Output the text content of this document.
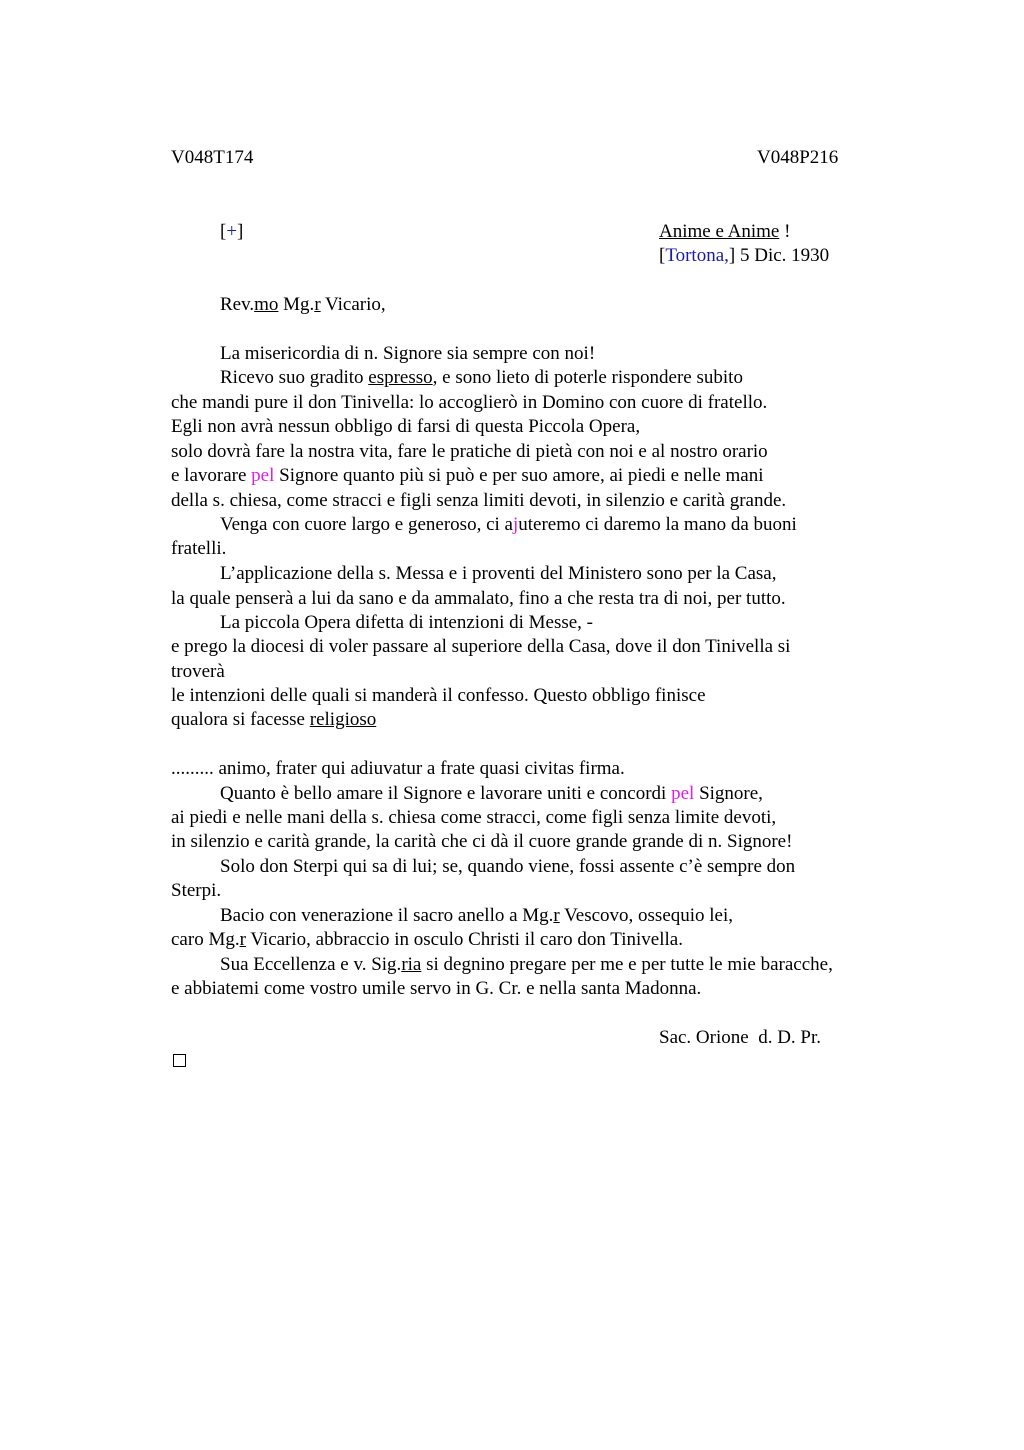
V048T174	V048P216
[+]	Anime e Anime !
[Tortona,] 5 Dic. 1930
Rev.mo Mg.r Vicario,
La misericordia di n. Signore sia sempre con noi!
Ricevo suo gradito espresso, e sono lieto di poterle rispondere subito
che mandi pure il don Tinivella: lo accoglierò in Domino con cuore di fratello.
Egli non avrà nessun obbligo di farsi di questa Piccola Opera,
solo dovrà fare la nostra vita, fare le pratiche di pietà con noi e al nostro orario
e lavorare pel Signore quanto più si può e per suo amore, ai piedi e nelle mani
della s. chiesa, come stracci e figli senza limiti devoti, in silenzio e carità grande.
Venga con cuore largo e generoso, ci ajuteremo ci daremo la mano da buoni
fratelli.
L’applicazione della s. Messa e i proventi del Ministero sono per la Casa,
la quale penserà a lui da sano e da ammalato, fino a che resta tra di noi, per tutto.
La piccola Opera difetta di intenzioni di Messe, -
e prego la diocesi di voler passare al superiore della Casa, dove il don Tinivella si
troverà
le intenzioni delle quali si manderà il confesso. Questo obbligo finisce
qualora si facesse religioso
......... animo, frater qui adiuvatur a frate quasi civitas firma.
Quanto è bello amare il Signore e lavorare uniti e concordi pel Signore,
ai piedi e nelle mani della s. chiesa come stracci, come figli senza limite devoti,
in silenzio e carità grande, la carità che ci dà il cuore grande grande di n. Signore!
Solo don Sterpi qui sa di lui; se, quando viene, fossi assente c’è sempre don
Sterpi.
Bacio con venerazione il sacro anello a Mg.r Vescovo, ossequio lei,
caro Mg.r Vicario, abbraccio in osculo Christi il caro don Tinivella.
Sua Eccellenza e v. Sig.ria si degnino pregare per me e per tutte le mie baracche,
e abbiatemi come vostro umile servo in G. Cr. e nella santa Madonna.
Sac. Orione  d. D. Pr.
